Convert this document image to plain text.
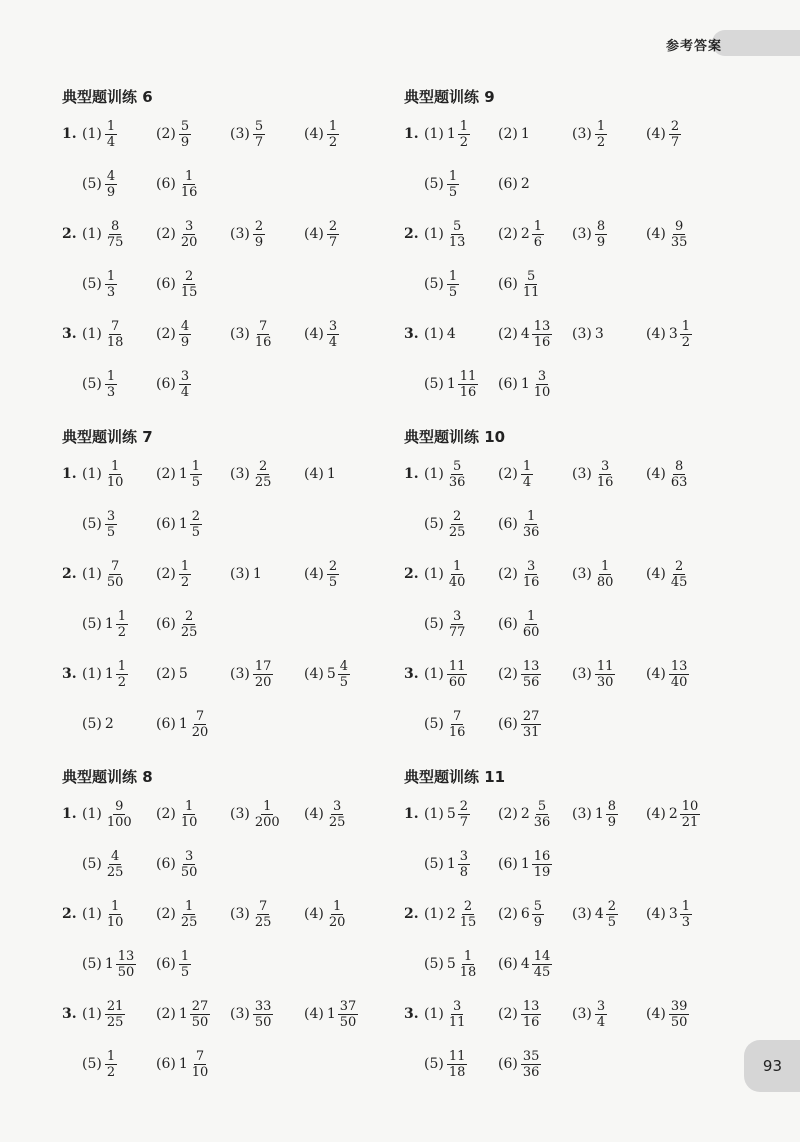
参考答案
典型题训练 6
1. $(1) \frac{1}{4}$	$(2) \frac{5}{9}$	$(3) \frac{5}{7}$	$(4) \frac{1}{2}$
$(5) \frac{4}{9}$	$(6) \frac{1}{16}$
2. $(1) \frac{8}{75} (2) \frac{3}{20} (3) \frac{2}{9}$	$(4) \frac{2}{7}$
$(5) \frac{1}{3}$	$(6) \frac{2}{15}$
3. $(1) \frac{7}{18} (2) \frac{4}{9}$	$(3) \frac{7}{16} (4) \frac{3}{4}$
$(5) \frac{1}{3}$	$(6) \frac{3}{4}$
典型题训练 7
1. $(1) \frac{1}{10} (2)$ $1 \frac{1}{5} (3) \frac{2}{25} (4)$ 1
$(5) \frac{3}{5}$	(6) $1 \frac{2}{5}$
2. $(1) \frac{7}{50} (2) \frac{1}{2}$	(3) 1	$(4) \frac{2}{5}$
(5) $1 \frac{1}{2} (6) \frac{2}{25}$
3. (1) $1 \frac{1}{2} (2)$ 5	$(3) \frac{17}{20} (4)$ $5 \frac{4}{5}$
(5) 2	(6) $1 \frac{7}{20}$
典型题训练 8
1. $(1) \frac{9}{100} (2) \frac{1}{10} (3) \frac{1}{200} (4) \frac{3}{25}$
$(5) \frac{4}{25} (6) \frac{3}{50}$
2. $(1) \frac{1}{10} (2) \frac{1}{25} (3) \frac{7}{25} (4) \frac{1}{20}$
(5) $1 \frac{13}{50} (6) \frac{1}{5}$
3. $(1) \frac{21}{25} (2)$ $1 \frac{27}{50} (3) \frac{33}{50} (4)$ $1 \frac{37}{50}$
$(5) \frac{1}{2}$	(6) $1 \frac{7}{10}$
典型题训练 9
1. (1) $1 \frac{1}{2} (2)$ 1	$(3) \frac{1}{2}$	$(4) \frac{2}{7}$
$(5) \frac{1}{5}$	(6) 2
2. $(1) \frac{5}{13} (2)$ $2 \frac{1}{6} (3) \frac{8}{9}$	$(4) \frac{9}{35}$
$(5) \frac{1}{5}$	$(6) \frac{5}{11}$
3. (1) 4	(2) $4 \frac{13}{16} (3)$ 3	(4) $3 \frac{1}{2}$
(5) $1 \frac{11}{16} (6)$ $1 \frac{3}{10}$
典型题训练 10
1. $(1) \frac{5}{36} (2) \frac{1}{4}$	$(3) \frac{3}{16} (4) \frac{8}{63}$
$(5) \frac{2}{25} (6) \frac{1}{36}$
2. $(1) \frac{1}{40} (2) \frac{3}{16} (3) \frac{1}{80} (4) \frac{2}{45}$
$(5) \frac{3}{77} (6) \frac{1}{60}$
3. $(1) \frac{11}{60} (2) \frac{13}{56} (3) \frac{11}{30} (4) \frac{13}{40}$
$(5) \frac{7}{16} (6) \frac{27}{31}$
典型题训练 11
1. (1) $5 \frac{2}{7} (2)$ $2 \frac{5}{36} (3)$ $1 \frac{8}{9} (4)$ $2 \frac{10}{21}$
(5) $1 \frac{3}{8} (6)$ $1 \frac{16}{19}$
2. (1) $2 \frac{2}{15} (2)$ $6 \frac{5}{9} (3)$ $4 \frac{2}{5} (4)$ $3 \frac{1}{3}$
(5) $5 \frac{1}{18} (6)$ $4 \frac{14}{45}$
3. $(1) \frac{3}{11} (2) \frac{13}{16} (3) \frac{3}{4}$	$(4) \frac{39}{50}$
$(5) \frac{11}{18} (6) \frac{35}{36}$	93
